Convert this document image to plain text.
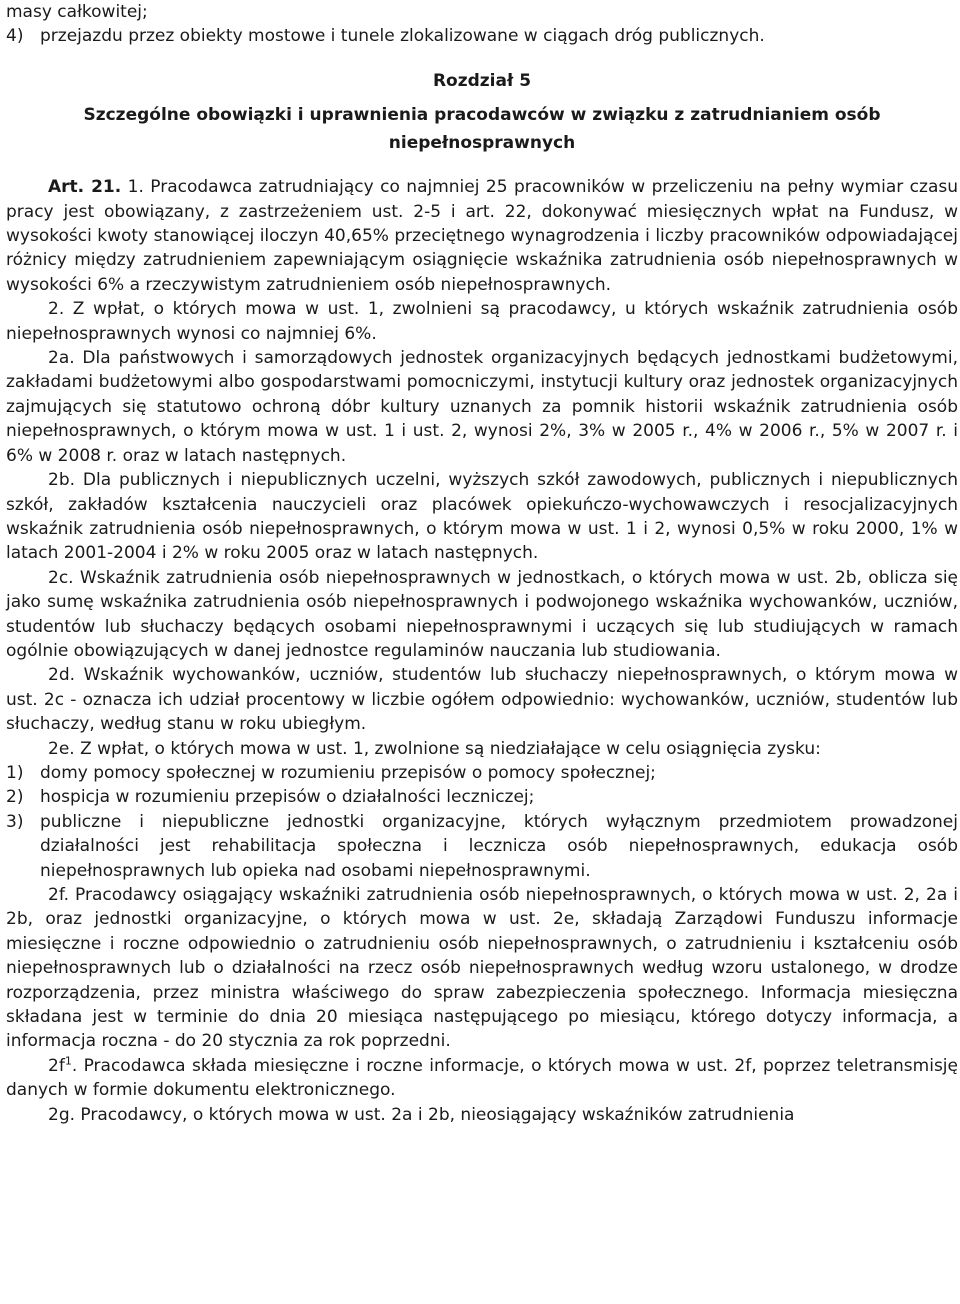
masy całkowitej;

4) przejazdu przez obiekty mostowe i tunele zlokalizowane w ciągach dróg publicznych.

Rozdział 5

Szczególne obowiązki i uprawnienia pracodawców w związku z zatrudnianiem osób niepełnosprawnych

Art. 21. 1. Pracodawca zatrudniający co najmniej 25 pracowników w przeliczeniu na pełny wymiar czasu pracy jest obowiązany, z zastrzeżeniem ust. 2-5 i art. 22, dokonywać miesięcznych wpłat na Fundusz, w wysokości kwoty stanowiącej iloczyn 40,65% przeciętnego wynagrodzenia i liczby pracowników odpowiadającej różnicy między zatrudnieniem zapewniającym osiągnięcie wskaźnika zatrudnienia osób niepełnosprawnych w wysokości 6% a rzeczywistym zatrudnieniem osób niepełnosprawnych.

2. Z wpłat, o których mowa w ust. 1, zwolnieni są pracodawcy, u których wskaźnik zatrudnienia osób niepełnosprawnych wynosi co najmniej 6%.

2a. Dla państwowych i samorządowych jednostek organizacyjnych będących jednostkami budżetowymi, zakładami budżetowymi albo gospodarstwami pomocniczymi, instytucji kultury oraz jednostek organizacyjnych zajmujących się statutowo ochroną dóbr kultury uznanych za pomnik historii wskaźnik zatrudnienia osób niepełnosprawnych, o którym mowa w ust. 1 i ust. 2, wynosi 2%, 3% w 2005 r., 4% w 2006 r., 5% w 2007 r. i 6% w 2008 r. oraz w latach następnych.

2b. Dla publicznych i niepublicznych uczelni, wyższych szkół zawodowych, publicznych i niepublicznych szkół, zakładów kształcenia nauczycieli oraz placówek opiekuńczo-wychowawczych i resocjalizacyjnych wskaźnik zatrudnienia osób niepełnosprawnych, o którym mowa w ust. 1 i 2, wynosi 0,5% w roku 2000, 1% w latach 2001-2004 i 2% w roku 2005 oraz w latach następnych.

2c. Wskaźnik zatrudnienia osób niepełnosprawnych w jednostkach, o których mowa w ust. 2b, oblicza się jako sumę wskaźnika zatrudnienia osób niepełnosprawnych i podwojonego wskaźnika wychowanków, uczniów, studentów lub słuchaczy będących osobami niepełnosprawnymi i uczących się lub studiujących w ramach ogólnie obowiązujących w danej jednostce regulaminów nauczania lub studiowania.

2d. Wskaźnik wychowanków, uczniów, studentów lub słuchaczy niepełnosprawnych, o którym mowa w ust. 2c - oznacza ich udział procentowy w liczbie ogółem odpowiednio: wychowanków, uczniów, studentów lub słuchaczy, według stanu w roku ubiegłym.

2e. Z wpłat, o których mowa w ust. 1, zwolnione są niedziałające w celu osiągnięcia zysku:

1) domy pomocy społecznej w rozumieniu przepisów o pomocy społecznej;
2) hospicja w rozumieniu przepisów o działalności leczniczej;
3) publiczne i niepubliczne jednostki organizacyjne, których wyłącznym przedmiotem prowadzonej działalności jest rehabilitacja społeczna i lecznicza osób niepełnosprawnych, edukacja osób niepełnosprawnych lub opieka nad osobami niepełnosprawnymi.

2f. Pracodawcy osiągający wskaźniki zatrudnienia osób niepełnosprawnych, o których mowa w ust. 2, 2a i 2b, oraz jednostki organizacyjne, o których mowa w ust. 2e, składają Zarządowi Funduszu informacje miesięczne i roczne odpowiednio o zatrudnieniu osób niepełnosprawnych, o zatrudnieniu i kształceniu osób niepełnosprawnych lub o działalności na rzecz osób niepełnosprawnych według wzoru ustalonego, w drodze rozporządzenia, przez ministra właściwego do spraw zabezpieczenia społecznego. Informacja miesięczna składana jest w terminie do dnia 20 miesiąca następującego po miesiącu, którego dotyczy informacja, a informacja roczna - do 20 stycznia za rok poprzedni.

$2f^1$. Pracodawca składa miesięczne i roczne informacje, o których mowa w ust. 2f, poprzez teletransmisję danych w formie dokumentu elektronicznego.

2g. Pracodawcy, o których mowa w ust. 2a i 2b, nieosiągający wskaźników zatrudnienia
